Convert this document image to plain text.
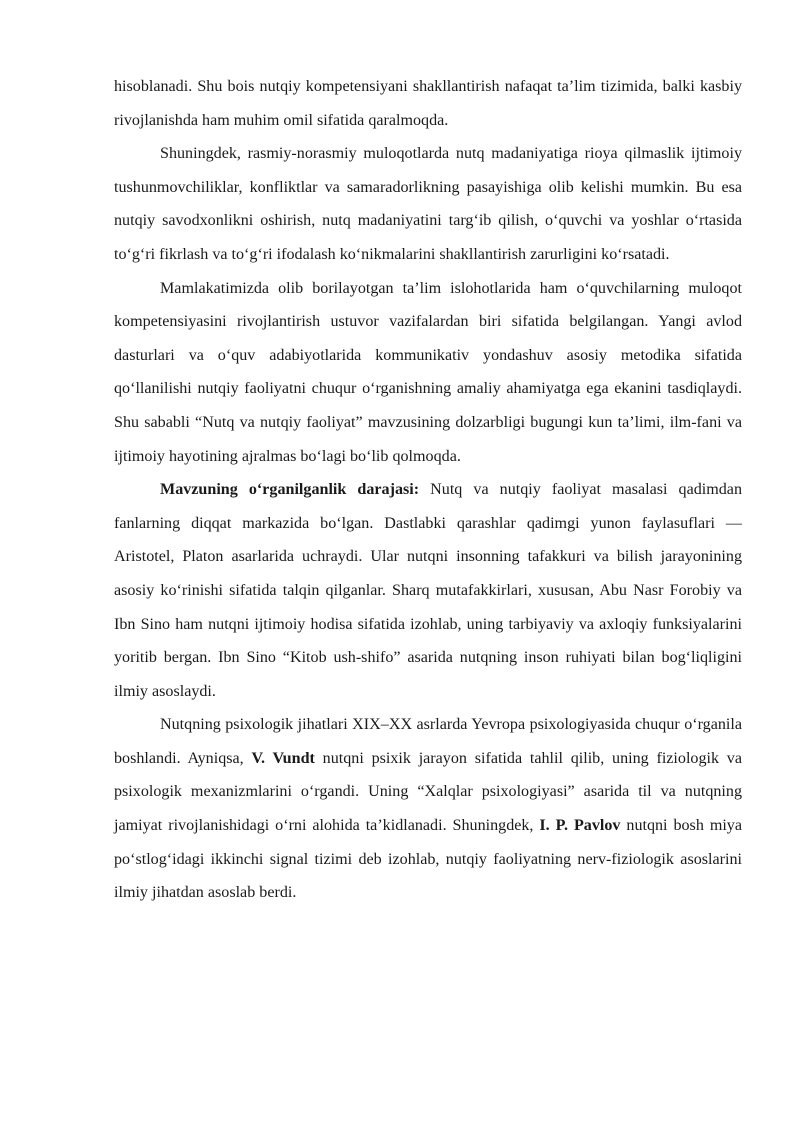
hisoblanadi. Shu bois nutqiy kompetensiyani shakllantirish nafaqat ta’lim tizimida, balki kasbiy rivojlanishda ham muhim omil sifatida qaralmoqda.

Shuningdek, rasmiy-norasmiy muloqotlarda nutq madaniyatiga rioya qilmaslik ijtimoiy tushunmovchiliklar, konfliktlar va samaradorlikning pasayishiga olib kelishi mumkin. Bu esa nutqiy savodxonlikni oshirish, nutq madaniyatini targ‘ib qilish, o‘quvchi va yoshlar o‘rtasida to‘g‘ri fikrlash va to‘g‘ri ifodalash ko‘nikmalarini shakllantirish zarurligini ko‘rsatadi.

Mamlakatimizda olib borilayotgan ta’lim islohotlarida ham o‘quvchilarning muloqot kompetensiyasini rivojlantirish ustuvor vazifalardan biri sifatida belgilangan. Yangi avlod dasturlari va o‘quv adabiyotlarida kommunikativ yondashuv asosiy metodika sifatida qo‘llanilishi nutqiy faoliyatni chuqur o‘rganishning amaliy ahamiyatga ega ekanini tasdiqlaydi. Shu sababli “Nutq va nutqiy faoliyat” mavzusining dolzarbligi bugungi kun ta’limi, ilm-fani va ijtimoiy hayotining ajralmas bo‘lagi bo‘lib qolmoqda.

Mavzuning o‘rganilganlik darajasi: Nutq va nutqiy faoliyat masalasi qadimdan fanlarning diqqat markazida bo‘lgan. Dastlabki qarashlar qadimgi yunon faylasuflari — Aristotel, Platon asarlarida uchraydi. Ular nutqni insonning tafakkuri va bilish jarayonining asosiy ko‘rinishi sifatida talqin qilganlar. Sharq mutafakkirlari, xususan, Abu Nasr Forobiy va Ibn Sino ham nutqni ijtimoiy hodisa sifatida izohlab, uning tarbiyaviy va axloqiy funksiyalarini yoritib bergan. Ibn Sino “Kitob ush-shifo” asarida nutqning inson ruhiyati bilan bog‘liqligini ilmiy asoslaydi.

Nutqning psixologik jihatlari XIX–XX asrlarda Yevropa psixologiyasida chuqur o‘rganila boshlandi. Ayniqsa, V. Vundt nutqni psixik jarayon sifatida tahlil qilib, uning fiziologik va psixologik mexanizmlarini o‘rgandi. Uning “Xalqlar psixologiyasi” asarida til va nutqning jamiyat rivojlanishidagi o‘rni alohida ta’kidlanadi. Shuningdek, I. P. Pavlov nutqni bosh miya po‘stlog‘idagi ikkinchi signal tizimi deb izohlab, nutqiy faoliyatning nerv-fiziologik asoslarini ilmiy jihatdan asoslab berdi.
